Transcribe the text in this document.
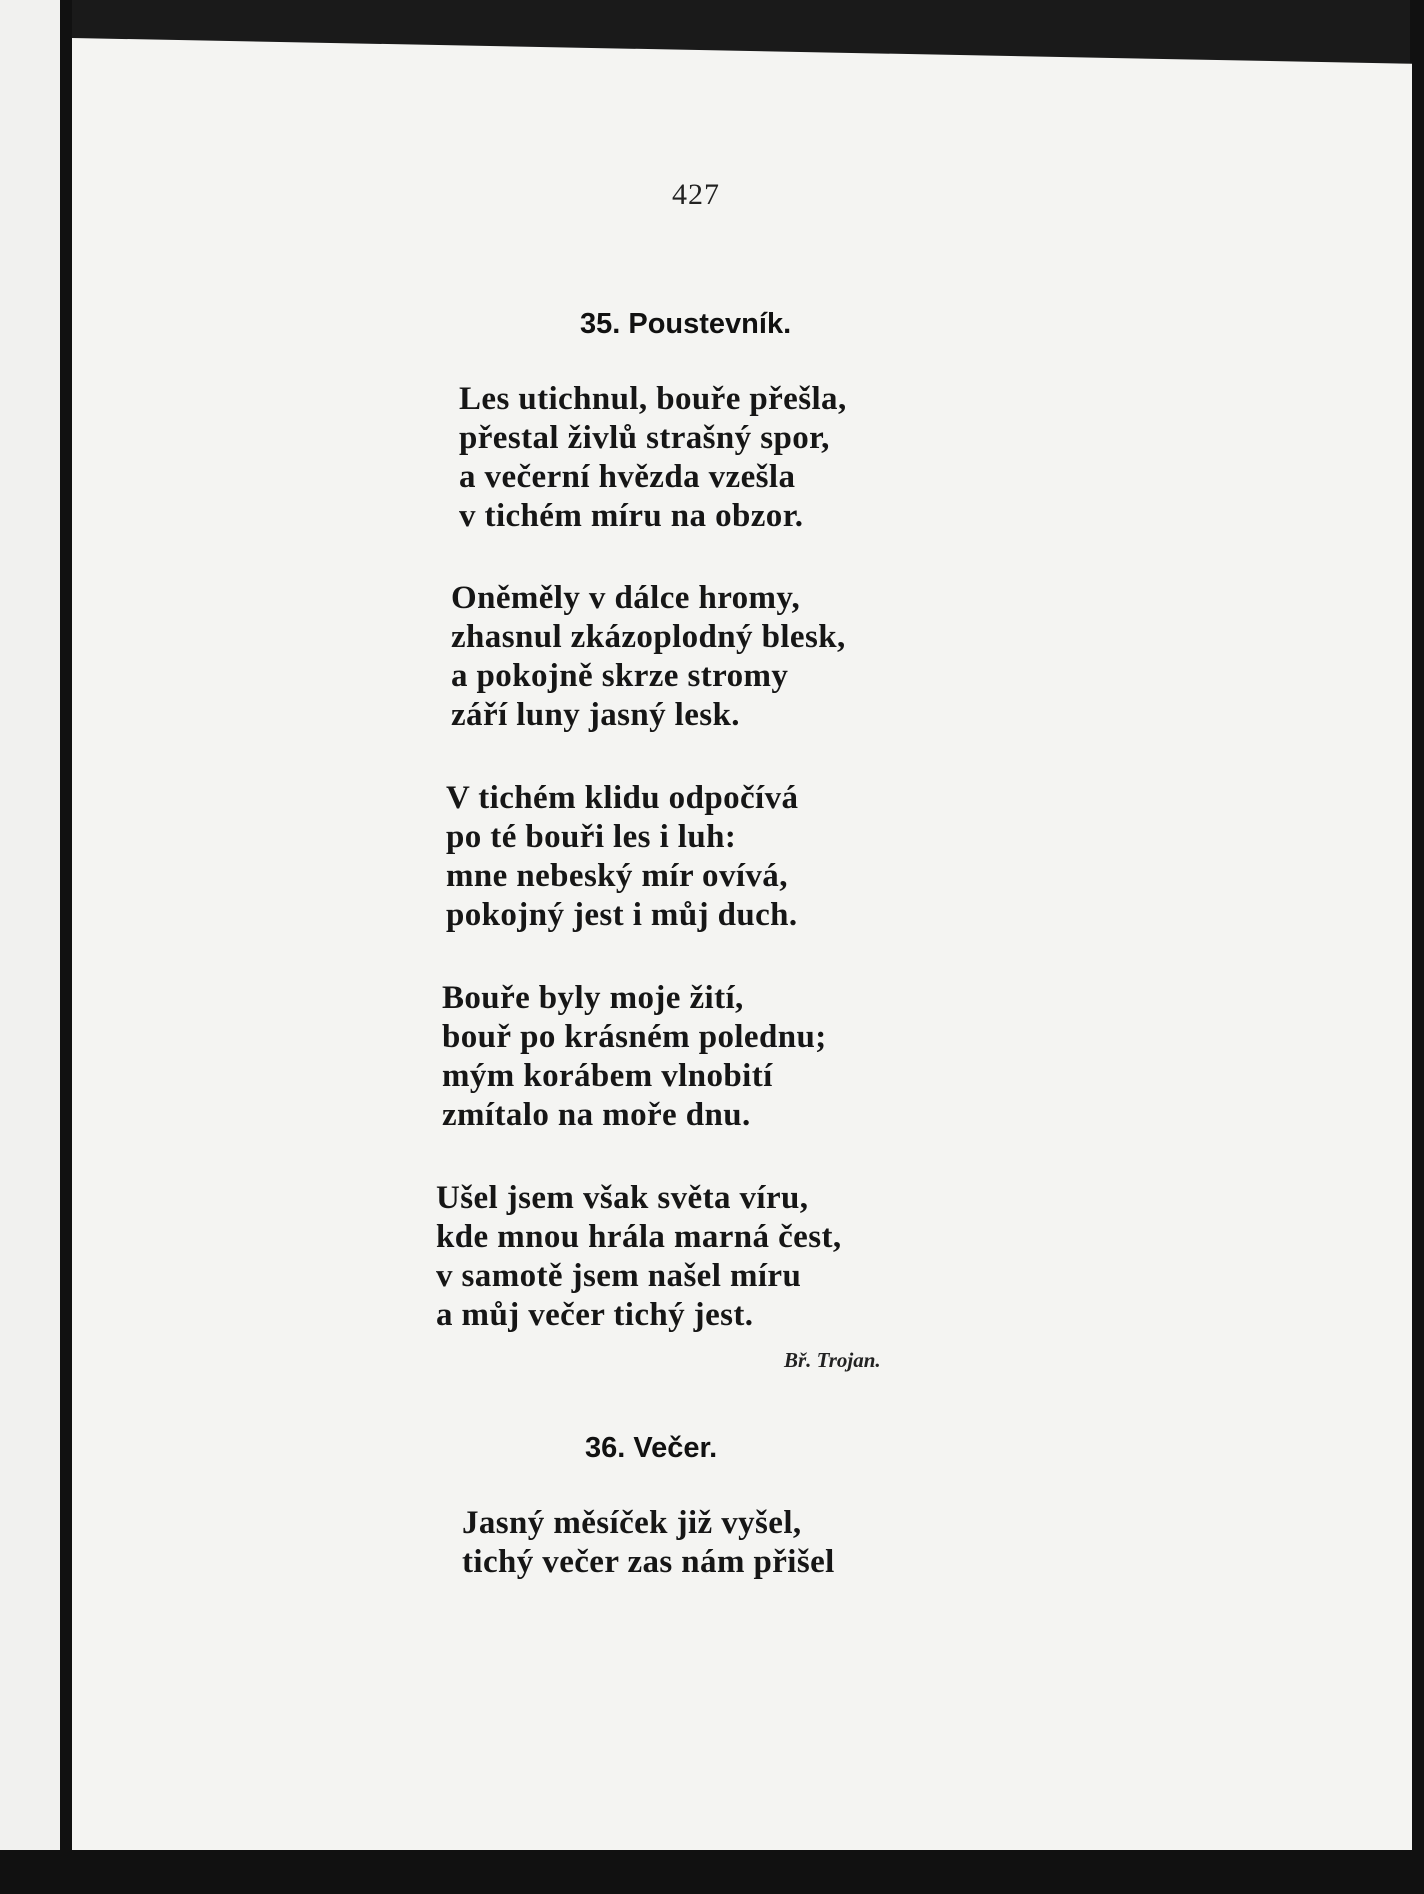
427
35. Poustevník.
Les utichnul, bouře přešla,
přestal živlů strašný spor,
a večerní hvězda vzešla
v tichém míru na obzor.
Oněměly v dálce hromy,
zhasnul zkázoplodný blesk,
a pokojně skrze stromy
září luny jasný lesk.
V tichém klidu odpočívá
po té bouři les i luh:
mne nebeský mír ovívá,
pokojný jest i můj duch.
Bouře byly moje žití,
bouř po krásném polednu;
mým korábem vlnobití
zmítalo na moře dnu.
Ušel jsem však světa víru,
kde mnou hrála marná čest,
v samotě jsem našel míru
a můj večer tichý jest.
Bř. Trojan.
36. Večer.
Jasný měsíček již vyšel,
tichý večer zas nám přišel
